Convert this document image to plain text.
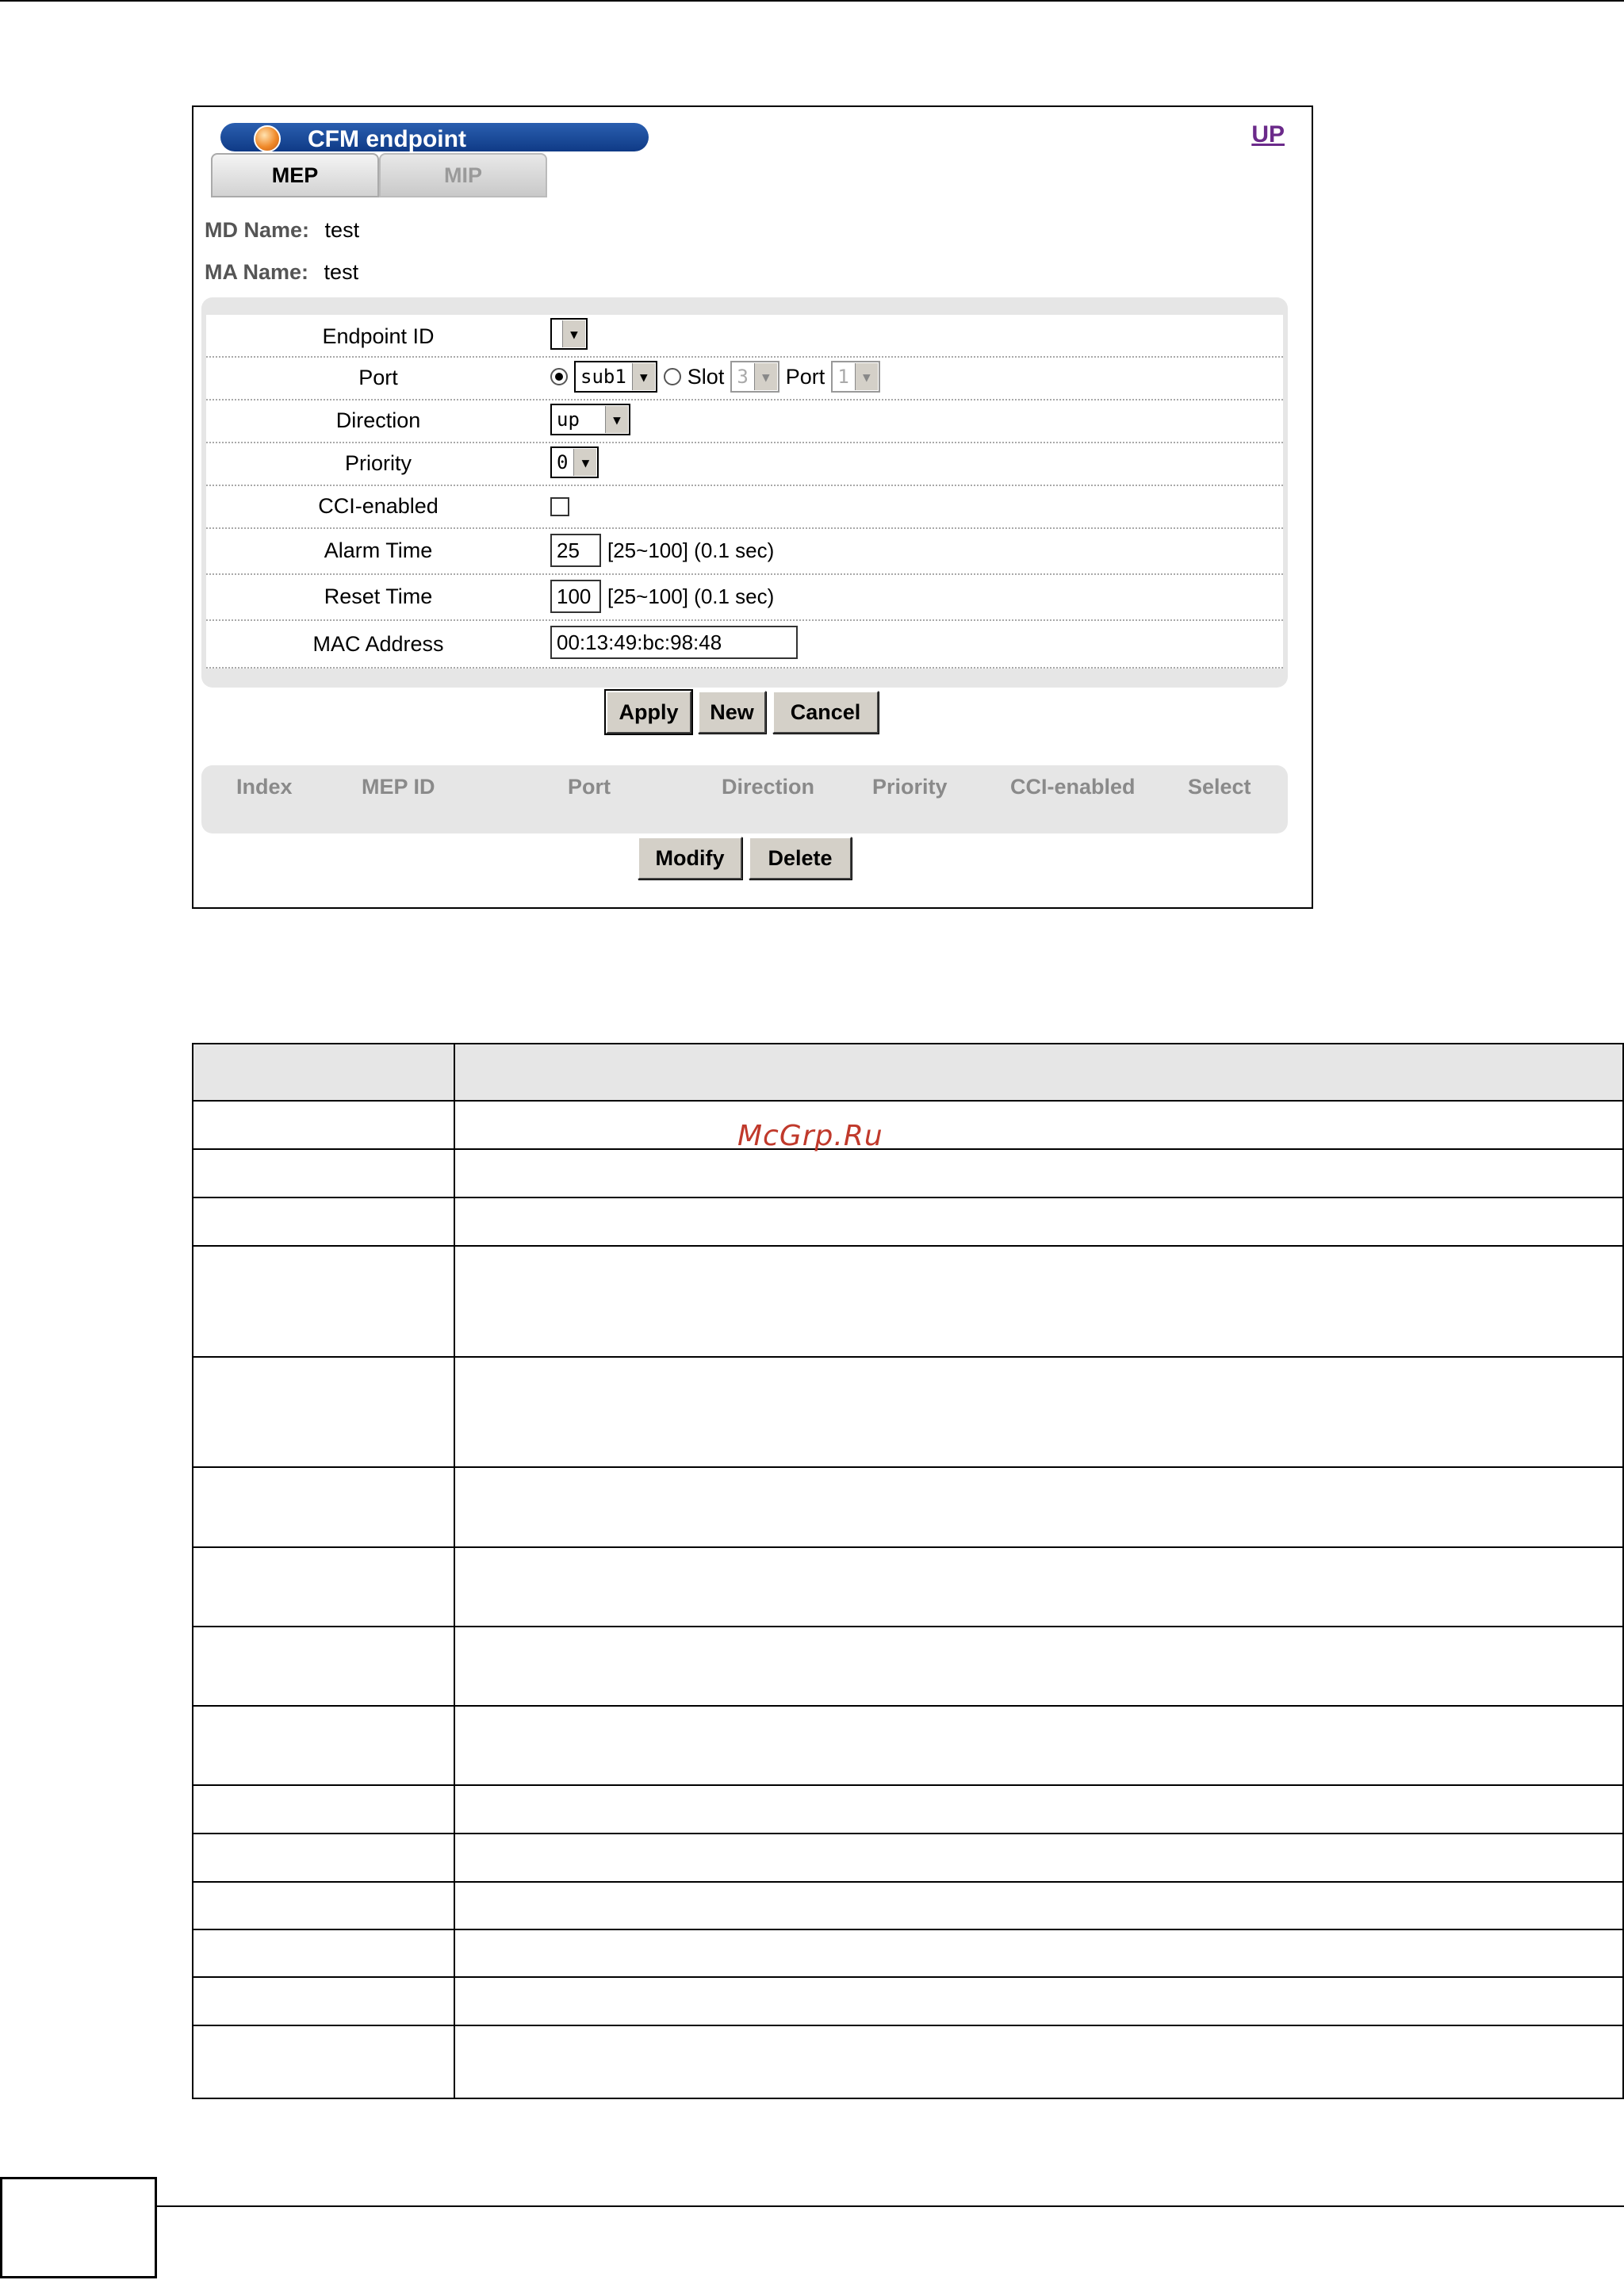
CFM endpoint	UP
MEP	MIP
MD Name: test
MA Name: test
Endpoint ID	▼
Port	sub1	▼	Slot 3	▼ Port 1	▼
Direction	up	▼
Priority	0	▼
CCI-enabled
Alarm Time	25	[25~100] (0.1 sec)
Reset Time	100 [25~100] (0.1 sec)
MAC Address	00:13:49:bc:98:48
Apply	New	Cancel
Index	MEP ID	Port	Direction	Priority	CCI-enabled Select
Modify	Delete
McGrp.Ru
